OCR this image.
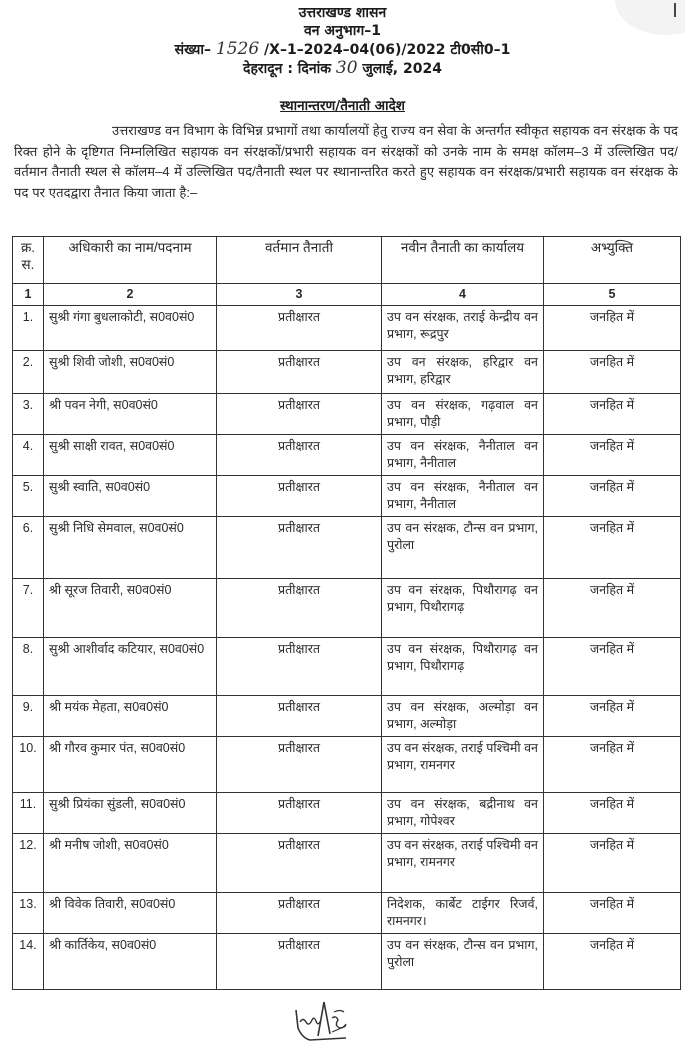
उत्तराखण्ड शासन
वन अनुभाग–1
संख्या– 1526 /X–1–2024–04(06)/2022 टी0सी0–1
देहरादून : दिनांक 30 जुलाई, 2024
स्थानान्तरण/तैनाती आदेश
उत्तराखण्ड वन विभाग के विभिन्न प्रभागों तथा कार्यालयों हेतु राज्य वन सेवा के अन्तर्गत स्वीकृत सहायक वन संरक्षक के पद रिक्त होने के दृष्टिगत निम्नलिखित सहायक वन संरक्षकों/प्रभारी सहायक वन संरक्षकों को उनके नाम के समक्ष कॉलम–3 में उल्लिखित पद/वर्तमान तैनाती स्थल से कॉलम–4 में उल्लिखित पद/तैनाती स्थल पर स्थानान्तरित करते हुए सहायक वन संरक्षक/प्रभारी सहायक वन संरक्षक के पद पर एतदद्वारा तैनात किया जाता है:–
क्र. स.	अधिकारी का नाम/पदनाम	वर्तमान तैनाती	नवीन तैनाती का कार्यालय	अभ्युक्ति
1	2	3	4	5
1.	सुश्री गंगा बुधलाकोटी, स0व0सं0	प्रतीक्षारत	उप वन संरक्षक, तराई केन्द्रीय वन प्रभाग, रूद्रपुर	जनहित में
2.	सुश्री शिवी जोशी, स0व0सं0	प्रतीक्षारत	उप वन संरक्षक, हरिद्वार वन प्रभाग, हरिद्वार	जनहित में
3.	श्री पवन नेगी, स0व0सं0	प्रतीक्षारत	उप वन संरक्षक, गढ़वाल वन प्रभाग, पौड़ी	जनहित में
4.	सुश्री साक्षी रावत, स0व0सं0	प्रतीक्षारत	उप वन संरक्षक, नैनीताल वन प्रभाग, नैनीताल	जनहित में
5.	सुश्री स्वाति, स0व0सं0	प्रतीक्षारत	उप वन संरक्षक, नैनीताल वन प्रभाग, नैनीताल	जनहित में
6.	सुश्री निधि सेमवाल, स0व0सं0	प्रतीक्षारत	उप वन संरक्षक, टौन्स वन प्रभाग, पुरोला	जनहित में
7.	श्री सूरज तिवारी, स0व0सं0	प्रतीक्षारत	उप वन संरक्षक, पिथौरागढ़ वन प्रभाग, पिथौरागढ़	जनहित में
8.	सुश्री आशीर्वाद कटियार, स0व0सं0	प्रतीक्षारत	उप वन संरक्षक, पिथौरागढ़ वन प्रभाग, पिथौरागढ़	जनहित में
9.	श्री मयंक मेहता, स0व0सं0	प्रतीक्षारत	उप वन संरक्षक, अल्मोड़ा वन प्रभाग, अल्मोड़ा	जनहित में
10.	श्री गौरव कुमार पंत, स0व0सं0	प्रतीक्षारत	उप वन संरक्षक, तराई पश्चिमी वन प्रभाग, रामनगर	जनहित में
11.	सुश्री प्रियंका सुंडली, स0व0सं0	प्रतीक्षारत	उप वन संरक्षक, बद्रीनाथ वन प्रभाग, गोपेश्वर	जनहित में
12.	श्री मनीष जोशी, स0व0सं0	प्रतीक्षारत	उप वन संरक्षक, तराई पश्चिमी वन प्रभाग, रामनगर	जनहित में
13.	श्री विवेक तिवारी, स0व0सं0	प्रतीक्षारत	निदेशक, कार्बेट टाईगर रिजर्व, रामनगर।	जनहित में
14.	श्री कार्तिकेय, स0व0सं0	प्रतीक्षारत	उप वन संरक्षक, टौन्स वन प्रभाग, पुरोला	जनहित में
